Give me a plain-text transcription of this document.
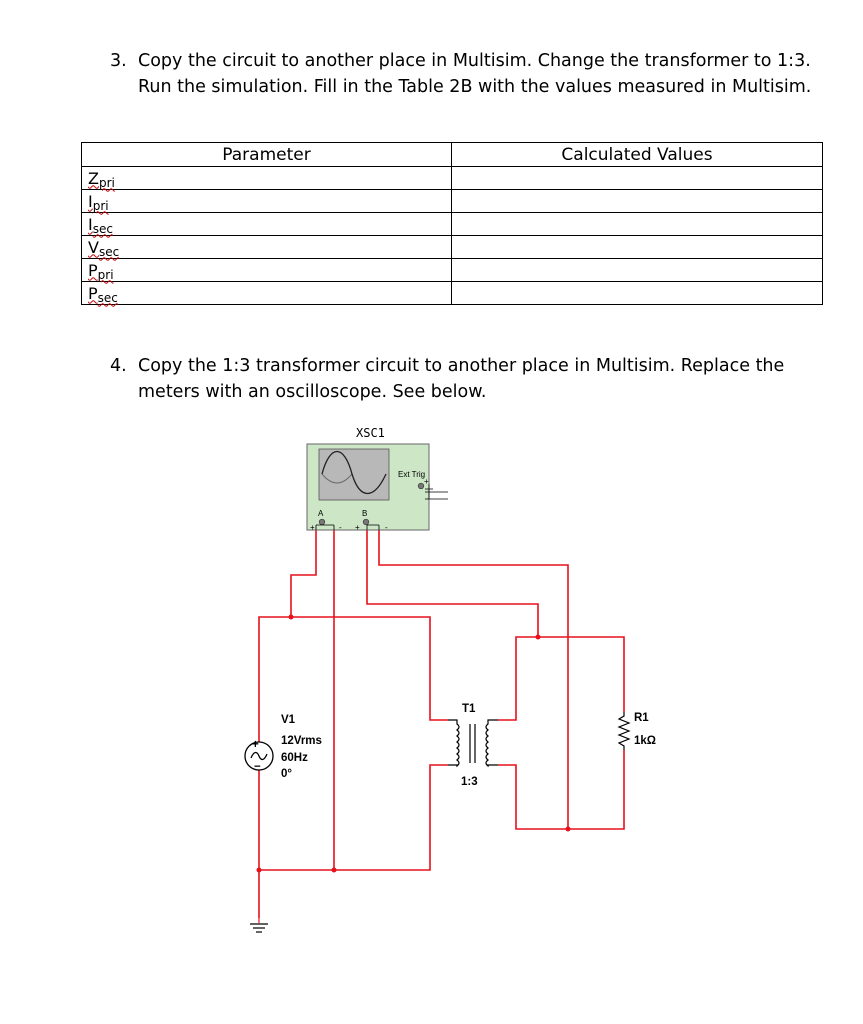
3. Copy the circuit to another place in Multisim. Change the transformer to 1:3. Run the simulation. Fill in the Table 2B with the values measured in Multisim.
Parameter	Calculated Values
Zpri	
Ipri	
Isec	
Vsec	
Ppri	
Psec	
4. Copy the 1:3 transformer circuit to another place in Multisim. Replace the meters with an oscilloscope. See below.
XSC1
Ext Trig
+
A	B
+	- +	-
+
−
V1
12Vrms
60Hz
0°
T1
1:3
R1
1kΩ
